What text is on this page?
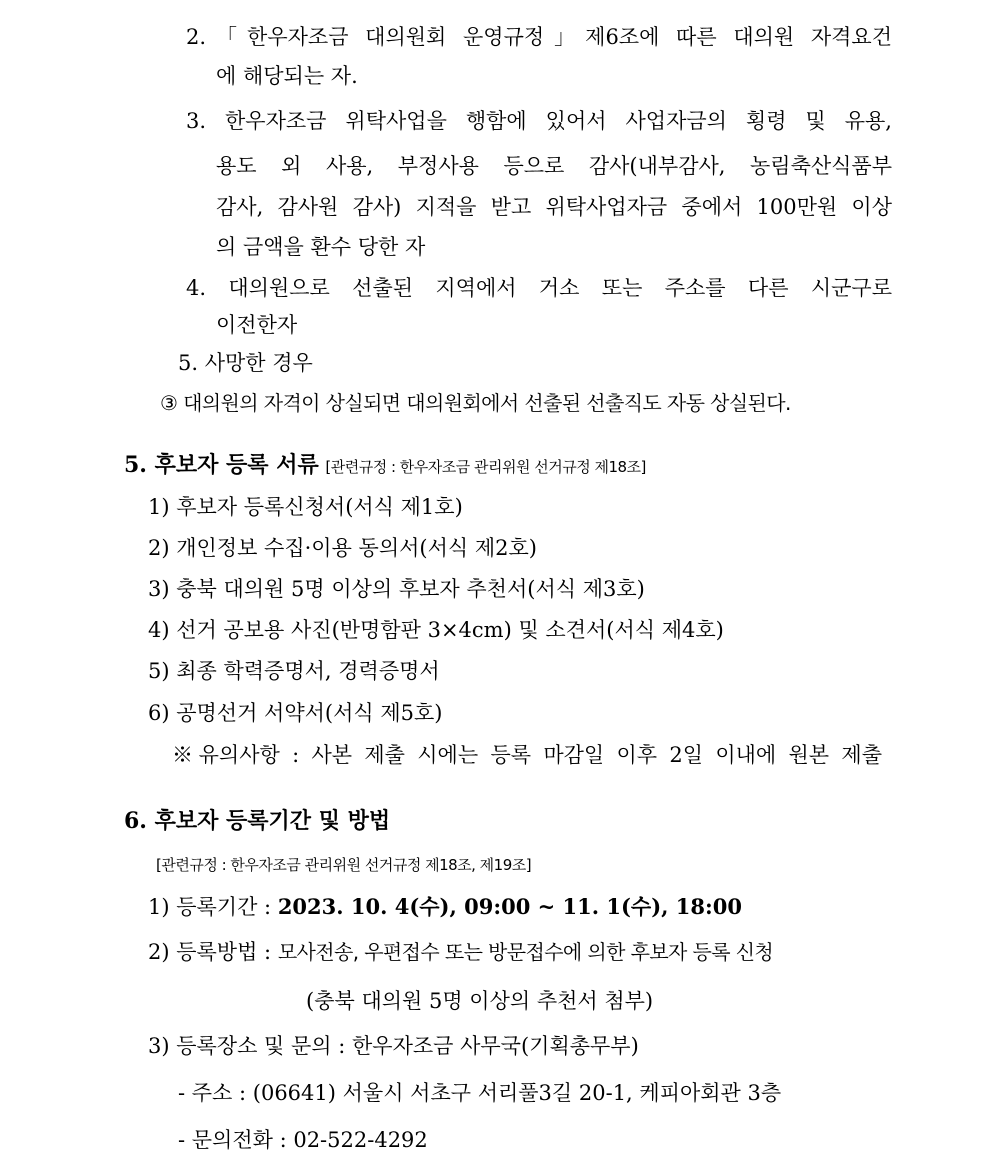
2.「한우자조금 대의원회 운영규정」제6조에 따른 대의원 자격요건
에 해당되는 자.
3. 한우자조금 위탁사업을 행함에 있어서 사업자금의 횡령 및 유용,
용도 외 사용, 부정사용 등으로 감사(내부감사, 농림축산식품부
감사, 감사원 감사) 지적을 받고 위탁사업자금 중에서 100만원 이상
의 금액을 환수 당한 자
4. 대의원으로 선출된 지역에서 거소 또는 주소를 다른 시군구로
이전한자
5. 사망한 경우
③ 대의원의 자격이 상실되면 대의원회에서 선출된 선출직도 자동 상실된다.
5. 후보자 등록 서류 [관련규정 : 한우자조금 관리위원 선거규정 제18조]
1) 후보자 등록신청서(서식 제1호)
2) 개인정보 수집·이용 동의서(서식 제2호)
3) 충북 대의원 5명 이상의 후보자 추천서(서식 제3호)
4) 선거 공보용 사진(반명함판 3×4cm) 및 소견서(서식 제4호)
5) 최종 학력증명서, 경력증명서
6) 공명선거 서약서(서식 제5호)
※유의사항 : 사본 제출 시에는 등록 마감일 이후 2일 이내에 원본 제출
6. 후보자 등록기간 및 방법
[관련규정 : 한우자조금 관리위원 선거규정 제18조, 제19조]
1) 등록기간 : 2023. 10. 4(수), 09:00 ~ 11. 1(수), 18:00
2) 등록방법 : 모사전송, 우편접수 또는 방문접수에 의한 후보자 등록 신청
(충북 대의원 5명 이상의 추천서 첨부)
3) 등록장소 및 문의 : 한우자조금 사무국(기획총무부)
- 주소 : (06641) 서울시 서초구 서리풀3길 20-1, 케피아회관 3층
- 문의전화 : 02-522-4292
